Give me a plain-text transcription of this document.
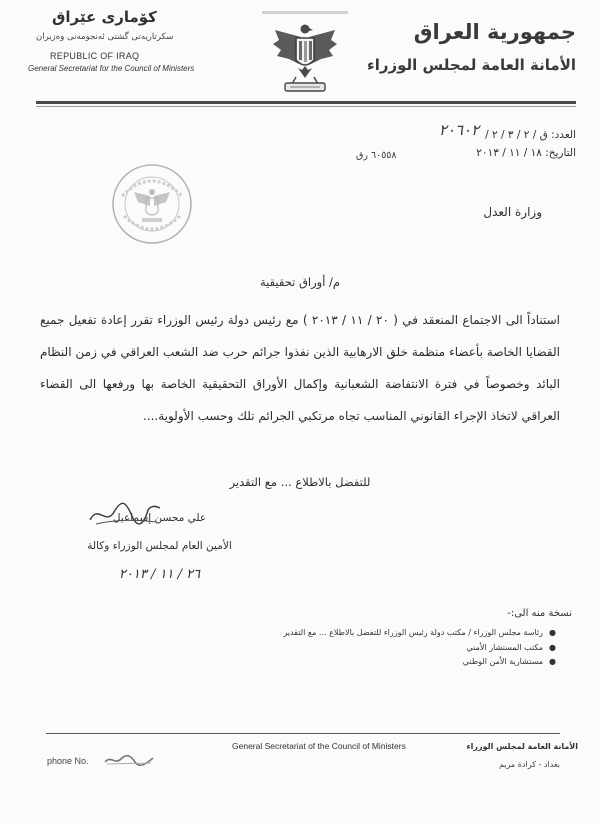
كۆماری عێراق
سکرتاریەتی گشتی ئەنجومەنی وەزیران
REPUBLIC OF IRAQ
General Secretariat for the Council of Ministers
جمهورية العراق
الأمانة العامة لمجلس الوزراء
العدد: ق / ٢ / ٣ / ٢ /٢٠٦٠٢
التاريخ: ١٨ / ١١ / ٢٠١٣
٦٠٥٥٨ رق
وزارة العدل
م/ أوراق تحقيقية

استناداً الى الاجتماع المنعقد في ( ٢٠ / ١١ / ٢٠١٣ ) مع رئيس دولة رئيس الوزراء تقرر إعادة تفعيل جميع القضايا الخاصة بأعضاء منظمة خلق الارهابية الذين نفذوا جرائم حرب ضد الشعب العراقي في زمن النظام البائد وخصوصاً في فترة الانتفاضة الشعبانية وإكمال الأوراق التحقيقية الخاصة بها ورفعها الى القضاء العراقي لاتخاذ الإجراء القانوني المناسب تجاه مرتكبي الجرائم تلك وحسب الأولوية....

للتفضل بالاطلاع ... مع التقدير
علي محسن إسماعيل
الأمين العام لمجلس الوزراء وكالة
٢٦ / ١١ / ٢٠١٣
نسخة منه الى:-
●رئاسة مجلس الوزراء / مكتب دولة رئيس الوزراء للتفضل بالاطلاع ... مع التقدير
●مكتب المستشار الأمني
●مستشارية الأمن الوطني
General Secretariat of the Council of Ministers	الأمانة العامة لمجلس الوزراء
بغداد - كرادة مريم
phone No.
